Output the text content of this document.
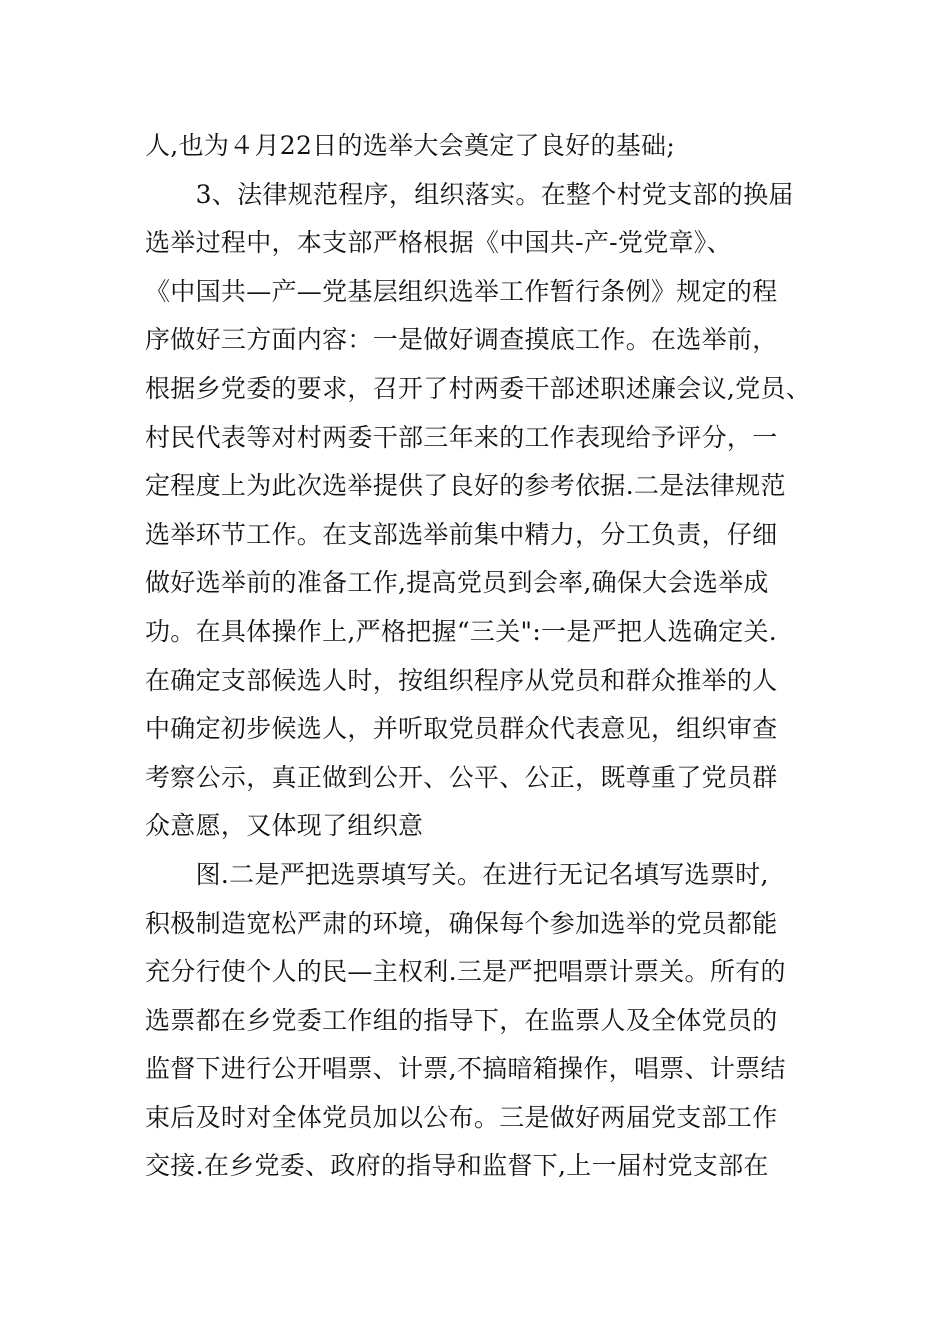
人,也为４月22日的选举大会奠定了良好的基础;
　　3、法律规范程序，组织落实。在整个村党支部的换届
选举过程中，本支部严格根据《中国共-产-党党章》、
《中国共—产—党基层组织选举工作暂行条例》规定的程
序做好三方面内容：一是做好调查摸底工作。在选举前，
根据乡党委的要求，召开了村两委干部述职述廉会议,党员、
村民代表等对村两委干部三年来的工作表现给予评分，一
定程度上为此次选举提供了良好的参考依据.二是法律规范
选举环节工作。在支部选举前集中精力，分工负责，仔细
做好选举前的准备工作,提高党员到会率,确保大会选举成
功。在具体操作上,严格把握“三关":一是严把人选确定关.
在确定支部候选人时，按组织程序从党员和群众推举的人
中确定初步候选人，并听取党员群众代表意见，组织审查
考察公示，真正做到公开、公平、公正，既尊重了党员群
众意愿，又体现了组织意
　　图.二是严把选票填写关。在进行无记名填写选票时,
积极制造宽松严肃的环境，确保每个参加选举的党员都能
充分行使个人的民—主权利.三是严把唱票计票关。所有的
选票都在乡党委工作组的指导下，在监票人及全体党员的
监督下进行公开唱票、计票,不搞暗箱操作，唱票、计票结
束后及时对全体党员加以公布。三是做好两届党支部工作
交接.在乡党委、政府的指导和监督下,上一届村党支部在
